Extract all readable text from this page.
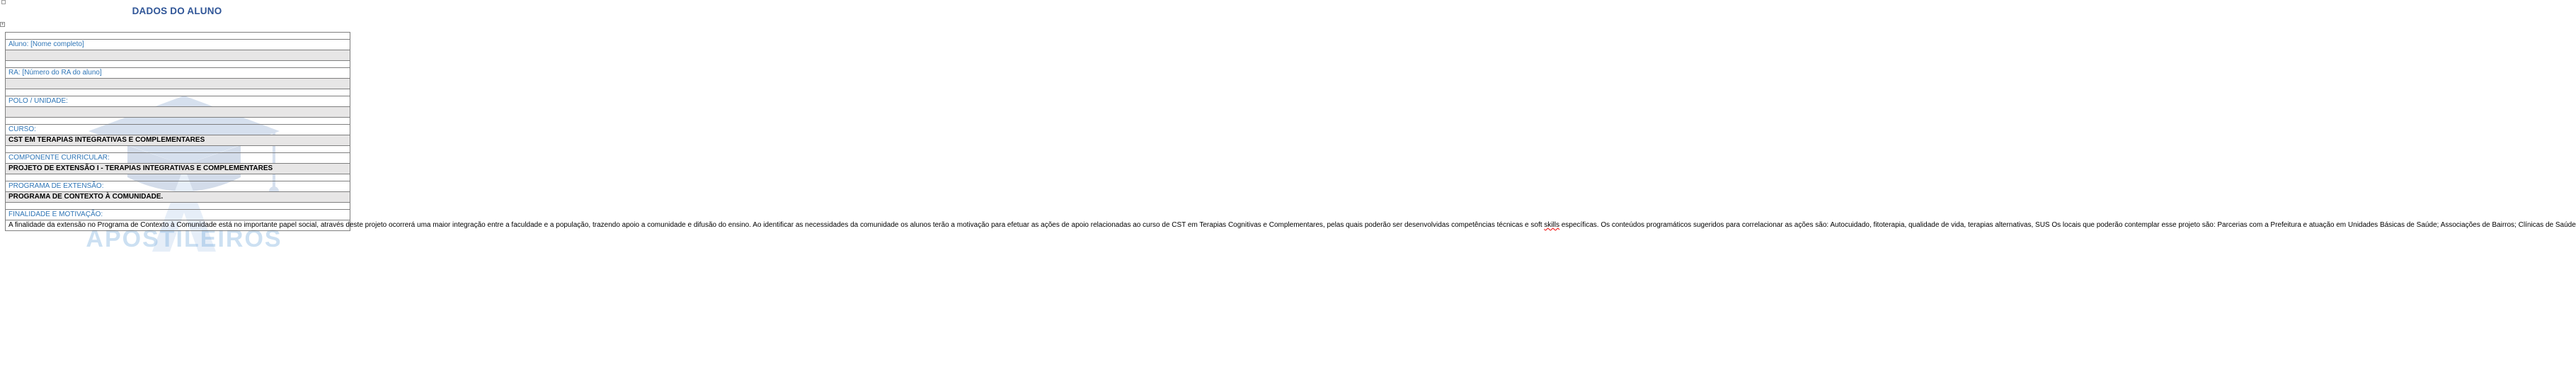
+
DADOS DO ALUNO
APOSTILEIROS

Aluno: [Nome completo]

RA: [Número do RA do aluno]

POLO / UNIDADE:

CURSO:
CST EM TERAPIAS INTEGRATIVAS E COMPLEMENTARES

COMPONENTE CURRICULAR:
PROJETO DE EXTENSÃO I - TERAPIAS INTEGRATIVAS E COMPLEMENTARES

PROGRAMA DE EXTENSÃO:
PROGRAMA DE CONTEXTO À COMUNIDADE.

FINALIDADE E MOTIVAÇÃO:
A finalidade da extensão no Programa de Contexto à Comunidade está no importante papel social, através deste projeto ocorrerá uma maior integração entre a faculdade e a população, trazendo apoio a comunidade e difusão do ensino. Ao identificar as necessidades da comunidade os alunos terão a motivação para efetuar as ações de apoio relacionadas ao curso de CST em Terapias Cognitivas e Complementares, pelas quais poderão ser desenvolvidas competências técnicas e soft skills específicas. Os conteúdos programáticos sugeridos para correlacionar as ações são: Autocuidado, fitoterapia, qualidade de vida, terapias alternativas, SUS Os locais que poderão contemplar esse projeto são: Parcerias com a Prefeitura e atuação em Unidades Básicas de Saúde; Associações de Bairros; Clínicas de Saúde
